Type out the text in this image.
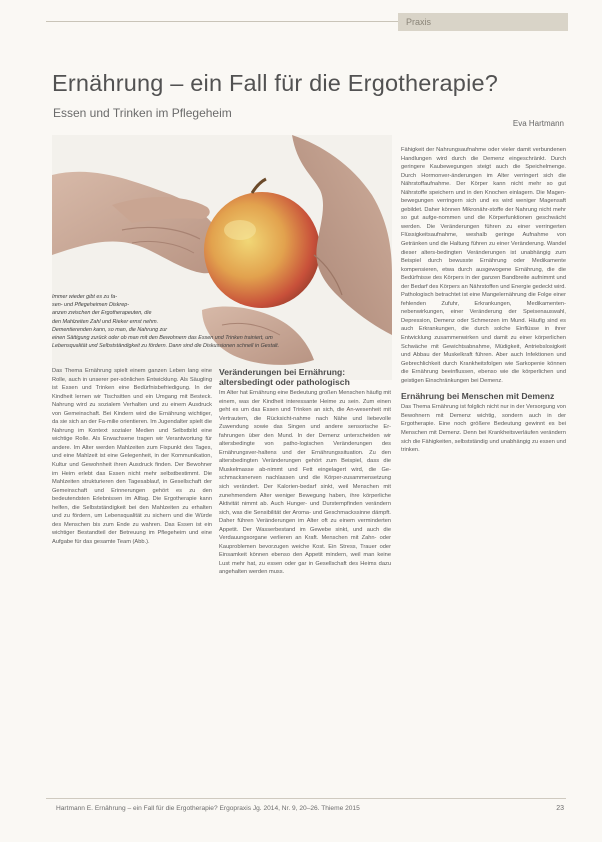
Praxis
Ernährung – ein Fall für die Ergotherapie?
Essen und Trinken im Pflegeheim
Eva Hartmann
Immer wieder gibt es zu fa-
sen- und Pflegeheimen Diskrep-
anzen zwischen der Ergotherapeuten, die
den Mahlzeiten Zahl und Rieker ernst nehm.
Dementierenden kann, so man, die Nahrung zur
einen Sättigung zurück oder ob man mit den Bewohnern das Essen und Trinken trainiert, um
Lebensqualität und Selbstständigkeit zu fördern. Dann sind die Diskussionen schnell in Gestalt.

Das Thema Ernährung spielt einem ganzen Leben lang eine Rolle, auch in unserer per-sönlichen Entwicklung. Als Säugling ist Essen und Trinken eine Bedürfnisbefriedigung. In der Kindheit lernen wir Tischsitten und ein Umgang mit Besteck. Nahrung wird zu sozialem Verhalten und zu einem Ausdruck von Gemeinschaft. Bei Kindern wird die Ernährung wichtiger, da sie sich an der Fa-milie orientieren. Im Jugendalter spielt die Nahrung im Kontext sozialer Medien und Selbstbild eine wichtige Rolle. Als Erwachsene tragen wir Verantwortung für andere. Im Alter werden Mahlzeiten zum Fixpunkt des Tages, und eine Mahlzeit ist eine Gelegenheit, in der Kommunikation, Kultur und Gewohnheit ihren Ausdruck finden. Der Bewohner im Heim erlebt das Essen nicht mehr selbstbestimmt. Die Mahlzeiten strukturieren den Tagesablauf, in Gesellschaft der Gemeinschaft und Erinnerungen gehört es zu den bedeutendsten Erlebnissen im Alltag. Die Ergotherapie kann helfen, die Selbstständigkeit bei den Mahlzeiten zu erhalten und zu fördern, um Lebensqualität zu sichern und die Würde des Menschen bis zum Ende zu wahren. Das Essen ist ein wichtiger Bestandteil der Betreuung im Pflegeheim und eine Aufgabe für das gesamte Team (Abb.).

Veränderungen bei Ernährung: altersbedingt oder pathologisch

Im Alter hat Ernährung eine Bedeutung großen Menschen häufig mit einem, was der Kindheit interessante Heime zu sein. Zum einen geht es um das Essen und Trinken an sich, die An-wesenheit mit Vertrautem, die Rücksicht-nahme nach Nähe und liebevolle Zuwendung sowie das Singen und andere sensorische Er-fahrungen über den Mund. In der Demenz unterscheiden wir altersbedingte von patho-logischen Veränderungen des Ernährungsver-haltens und der Ernährungssituation. Zu den altersbedingten Veränderungen gehört zum Beispiel, dass die Muskelmasse ab-nimmt und Fett eingelagert wird, die Ge-schmacksnerven nachlassen und die Körper-zusammensetzung sich verändert. Der Kalorien-bedarf sinkt, weil Menschen mit zunehmendem Alter weniger Bewegung haben, ihre körperliche Aktivität nimmt ab. Auch Hunger- und Durstempfinden verändern sich, was die Sensibilität der Aroma- und Geschmackssinne dämpft. Daher führen Veränderungen im Alter oft zu einem verminderten Appetit. Der Wasserbestand im Gewebe sinkt, und auch die Verdauungsorgane verlieren an Kraft. Menschen mit Zahn- oder Kauproblemen bevorzugen weiche Kost. Ein Stress, Trauer oder Einsamkeit können ebenso den Appetit mindern, weil man keine Lust mehr hat, zu essen oder gar in Gesellschaft des Heims dazu angehalten werden muss.

Fähigkeit der Nahrungsaufnahme oder vieler damit verbundenen Handlungen wird durch die Demenz eingeschränkt. Durch geringere Kaubewegungen steigt auch die Speichelmenge. Durch Hormonver-änderungen im Alter verringert sich die Nährstoffaufnahme. Der Körper kann nicht mehr so gut Nährstoffe speichern und in den Knochen einlagern. Die Magen-bewegungen verringern sich und es wird weniger Magensaft gebildet. Daher können Mikronähr-stoffe der Nahrung nicht mehr so gut aufge-nommen und die Körperfunktionen geschwächt werden. Die Veränderungen führen zu einer verringerten Flüssigkeitsaufnahme, weshalb geringe Aufnahme von Getränken und die Haltung führen zu einer Veränderung. Wandel dieser alters-bedingten Veränderungen ist unabhängig zum Beispiel durch bewusste Ernährung oder Medikamente kompensieren, etwa durch ausgewogene Ernährung, die die Bedürfnisse des Körpers in der ganzen Bandbreite aufnimmt und der Bedarf des Körpers an Nährstoffen und Energie gedeckt wird. Pathologisch betrachtet ist eine Mangelernährung die Folge einer fehlenden Zufuhr, Erkrankungen, Medikamenten-nebenwirkungen, einer Veränderung der Speisenauswahl, Depression, Demenz oder Schmerzen im Mund. Häufig sind es auch Erkrankungen, die durch solche Einflüsse in ihrer Entwicklung zusammenwirken und damit zu einer körperlichen Schwäche mit Gewichtsabnahme, Müdigkeit, Antriebslosigkeit und Abbau der Muskelkraft führen. Aber auch Infektionen und Gebrechlichkeit durch Krankheitsfolgen wie Sarkopenie können die Ernährung beeinflussen, ebenso wie die körperlichen und geistigen Einschränkungen bei Demenz.

Ernährung bei Menschen mit Demenz

Das Thema Ernährung ist folglich nicht nur in der Versorgung von Bewohnern mit Demenz wichtig, sondern auch in der Ergotherapie. Eine noch größere Bedeutung gewinnt es bei Menschen mit Demenz. Denn bei Krankheitsverläufen verändern sich die Fähigkeiten, selbstständig und unabhängig zu essen und trinken.

Hartmann E. Ernährung – ein Fall für die Ergotherapie? Ergopraxis Jg. 2014, Nr. 9, 20–26. Thieme 2015	23
